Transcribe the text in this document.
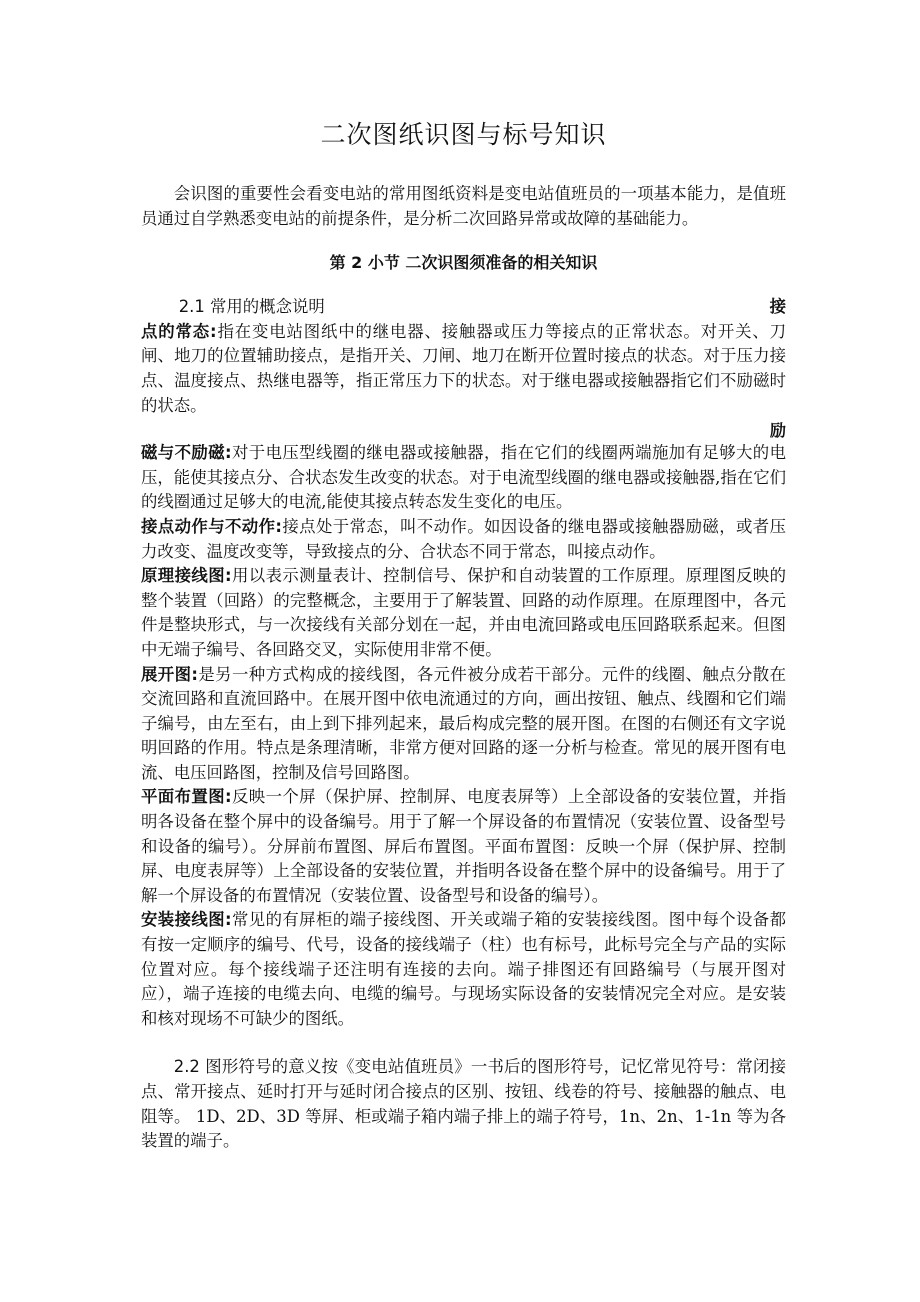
二次图纸识图与标号知识

会识图的重要性会看变电站的常用图纸资料是变电站值班员的一项基本能力，是值班员通过自学熟悉变电站的前提条件，是分析二次回路异常或故障的基础能力。

第 2 小节 二次识图须准备的相关知识
2.1 常用的概念说明	接

点的常态:指在变电站图纸中的继电器、接触器或压力等接点的正常状态。对开关、刀闸、地刀的位置辅助接点，是指开关、刀闸、地刀在断开位置时接点的状态。对于压力接点、温度接点、热继电器等，指正常压力下的状态。对于继电器或接触器指它们不励磁时的状态。

励

磁与不励磁:对于电压型线圈的继电器或接触器，指在它们的线圈两端施加有足够大的电压，能使其接点分、合状态发生改变的状态。对于电流型线圈的继电器或接触器,指在它们的线圈通过足够大的电流,能使其接点转态发生变化的电压。

接点动作与不动作:接点处于常态，叫不动作。如因设备的继电器或接触器励磁，或者压力改变、温度改变等，导致接点的分、合状态不同于常态，叫接点动作。

原理接线图:用以表示测量表计、控制信号、保护和自动装置的工作原理。原理图反映的整个装置（回路）的完整概念，主要用于了解装置、回路的动作原理。在原理图中，各元件是整块形式，与一次接线有关部分划在一起，并由电流回路或电压回路联系起来。但图中无端子编号、各回路交叉，实际使用非常不便。

展开图:是另一种方式构成的接线图，各元件被分成若干部分。元件的线圈、触点分散在交流回路和直流回路中。在展开图中依电流通过的方向，画出按钮、触点、线圈和它们端子编号，由左至右，由上到下排列起来，最后构成完整的展开图。在图的右侧还有文字说明回路的作用。特点是条理清晰，非常方便对回路的逐一分析与检查。常见的展开图有电流、电压回路图，控制及信号回路图。

平面布置图:反映一个屏（保护屏、控制屏、电度表屏等）上全部设备的安装位置，并指明各设备在整个屏中的设备编号。用于了解一个屏设备的布置情况（安装位置、设备型号和设备的编号）。分屏前布置图、屏后布置图。平面布置图：反映一个屏（保护屏、控制屏、电度表屏等）上全部设备的安装位置，并指明各设备在整个屏中的设备编号。用于了解一个屏设备的布置情况（安装位置、设备型号和设备的编号）。

安装接线图:常见的有屏柜的端子接线图、开关或端子箱的安装接线图。图中每个设备都有按一定顺序的编号、代号，设备的接线端子（柱）也有标号，此标号完全与产品的实际位置对应。每个接线端子还注明有连接的去向。端子排图还有回路编号（与展开图对应），端子连接的电缆去向、电缆的编号。与现场实际设备的安装情况完全对应。是安装和核对现场不可缺少的图纸。

2.2 图形符号的意义按《变电站值班员》一书后的图形符号，记忆常见符号：常闭接点、常开接点、延时打开与延时闭合接点的区别、按钮、线卷的符号、接触器的触点、电阻等。 1D、2D、3D 等屏、柜或端子箱内端子排上的端子符号，1n、2n、1-1n 等为各装置的端子。
